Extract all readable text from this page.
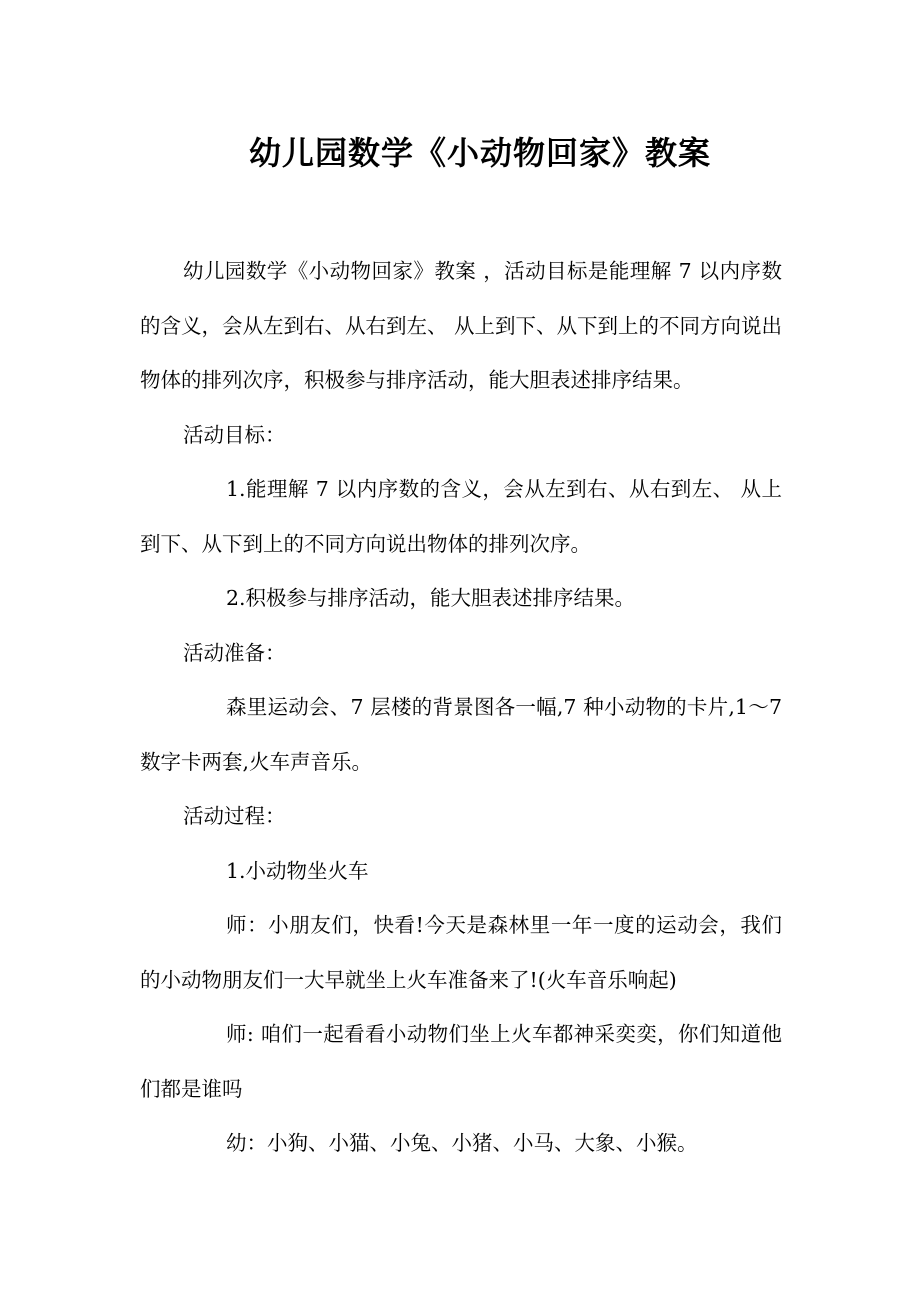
幼儿园数学《小动物回家》教案

幼儿园数学《小动物回家》教案 ，活动目标是能理解 7 以内序数的含义，会从左到右、从右到左、 从上到下、从下到上的不同方向说出物体的排列次序，积极参与排序活动，能大胆表述排序结果。

活动目标：

1.能理解 7 以内序数的含义，会从左到右、从右到左、 从上到下、从下到上的不同方向说出物体的排列次序。

2.积极参与排序活动，能大胆表述排序结果。

活动准备：

森里运动会、7 层楼的背景图各一幅,7 种小动物的卡片,1～7 数字卡两套,火车声音乐。

活动过程：

1.小动物坐火车

师：小朋友们，快看!今天是森林里一年一度的运动会，我们的小动物朋友们一大早就坐上火车准备来了!(火车音乐响起)

师: 咱们一起看看小动物们坐上火车都神采奕奕，你们知道他们都是谁吗

幼：小狗、小猫、小兔、小猪、小马、大象、小猴。
